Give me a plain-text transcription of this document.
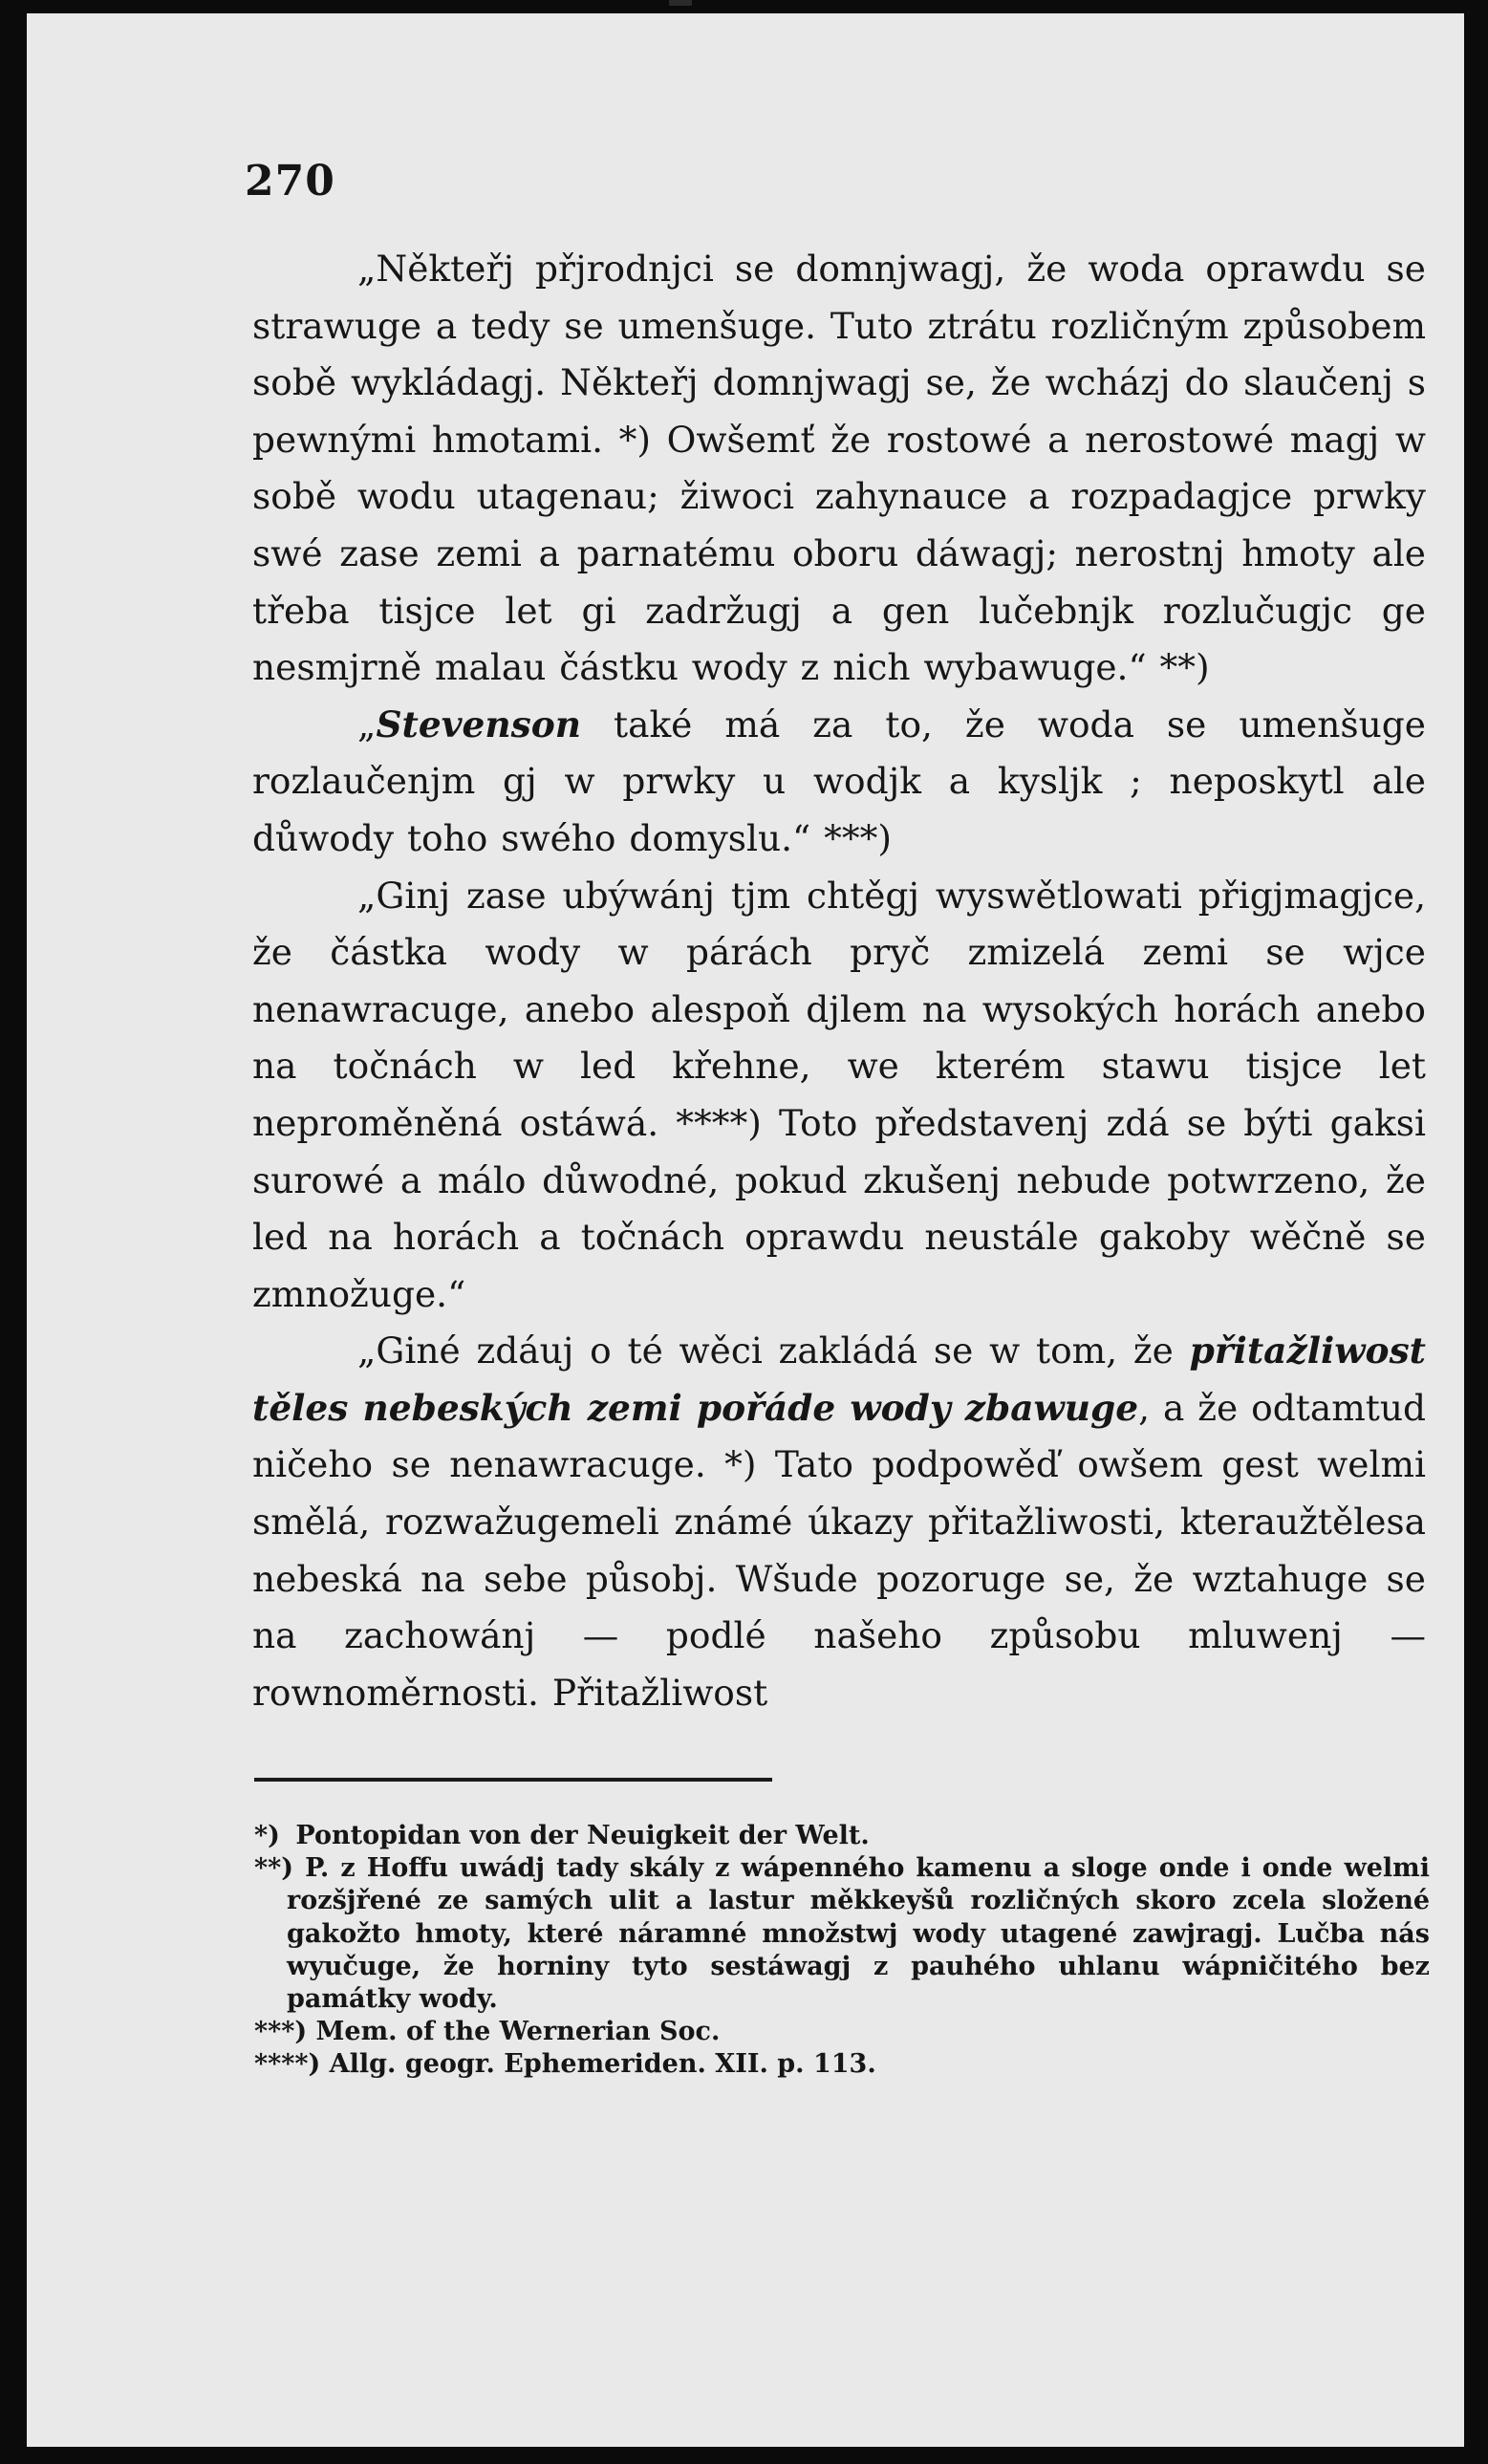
270

„Někteřj přjrodnjci se domnjwagj, že woda oprawdu se strawuge a tedy se umenšuge. Tuto ztrátu rozličným způsobem sobě wykládagj. Někteřj domnjwagj se, že wcházj do slaučenj s pewnými hmotami. *) Owšemť že rostowé a nerostowé magj w sobě wodu utagenau; žiwoci zahynauce a rozpadagjce prwky swé zase zemi a parnatému oboru dáwagj; nerostnj hmoty ale třeba tisjce let gi zadržugj a gen lučebnjk rozlučugjc ge nesmjrně malau částku wody z nich wybawuge.“ **)

„Stevenson také má za to, že woda se umenšuge rozlaučenjm gj w prwky u wodjk a kysljk ; neposkytl ale důwody toho swého domyslu.“ ***)

„Ginj zase ubýwánj tjm chtěgj wyswětlowati přigjmagjce, že částka wody w párách pryč zmizelá zemi se wjce nenawracuge, anebo alespoň djlem na wysokých horách anebo na točnách w led křehne, we kterém stawu tisjce let neproměněná ostáwá. ****) Toto představenj zdá se býti gaksi surowé a málo důwodné, pokud zkušenj nebude potwrzeno, že led na horách a točnách oprawdu neustále gakoby wěčně se zmnožuge.“

„Giné zdáuj o té wěci zakládá se w tom, že přitažliwost těles nebeských zemi pořáde wody zbawuge, a že odtamtud ničeho se nenawracuge. *) Tato podpowěď owšem gest welmi smělá, rozwažugemeli známé úkazy přitažliwosti, kteraužtělesa nebeská na sebe působj. Wšude pozoruge se, že wztahuge se na zachowánj — podlé našeho způsobu mluwenj — rownoměrnosti. Přitažliwost

*) Pontopidan von der Neuigkeit der Welt.
**) P. z Hoffu uwádj tady skály z wápenného kamenu a sloge onde i onde welmi rozšjřené ze samých ulit a lastur měkkeyšů rozličných skoro zcela složené gakožto hmoty, které náramné množstwj wody utagené zawjragj. Lučba nás wyučuge, že horniny tyto sestáwagj z pauhého uhlanu wápničitého bez památky wody.
***) Mem. of the Wernerian Soc.
****) Allg. geogr. Ephemeriden. XII. p. 113.
